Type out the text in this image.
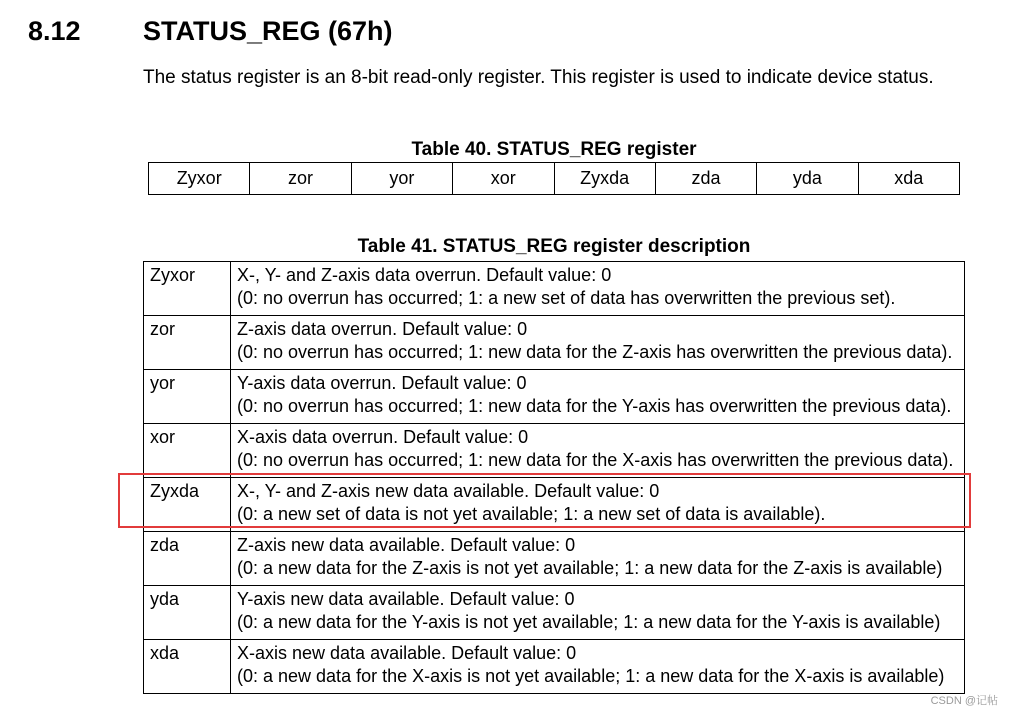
8.12 STATUS_REG (67h)
The status register is an 8-bit read-only register. This register is used to indicate device status.
Table 40. STATUS_REG register
Zyxor	zor	yor	xor	Zyxda	zda	yda	xda
Table 41. STATUS_REG register description
Zyxor	X-, Y- and Z-axis data overrun. Default value: 0
(0: no overrun has occurred; 1: a new set of data has overwritten the previous set).

zor	Z-axis data overrun. Default value: 0
(0: no overrun has occurred; 1: new data for the Z-axis has overwritten the previous data).

yor	Y-axis data overrun. Default value: 0
(0: no overrun has occurred; 1: new data for the Y-axis has overwritten the previous data).

xor	X-axis data overrun. Default value: 0
(0: no overrun has occurred; 1: new data for the X-axis has overwritten the previous data).

Zyxda	X-, Y- and Z-axis new data available. Default value: 0
(0: a new set of data is not yet available; 1: a new set of data is available).

zda	Z-axis new data available. Default value: 0
(0: a new data for the Z-axis is not yet available; 1: a new data for the Z-axis is available)

yda	Y-axis new data available. Default value: 0
(0: a new data for the Y-axis is not yet available; 1: a new data for the Y-axis is available)

xda	X-axis new data available. Default value: 0
(0: a new data for the X-axis is not yet available; 1: a new data for the X-axis is available)
CSDN @记帖
